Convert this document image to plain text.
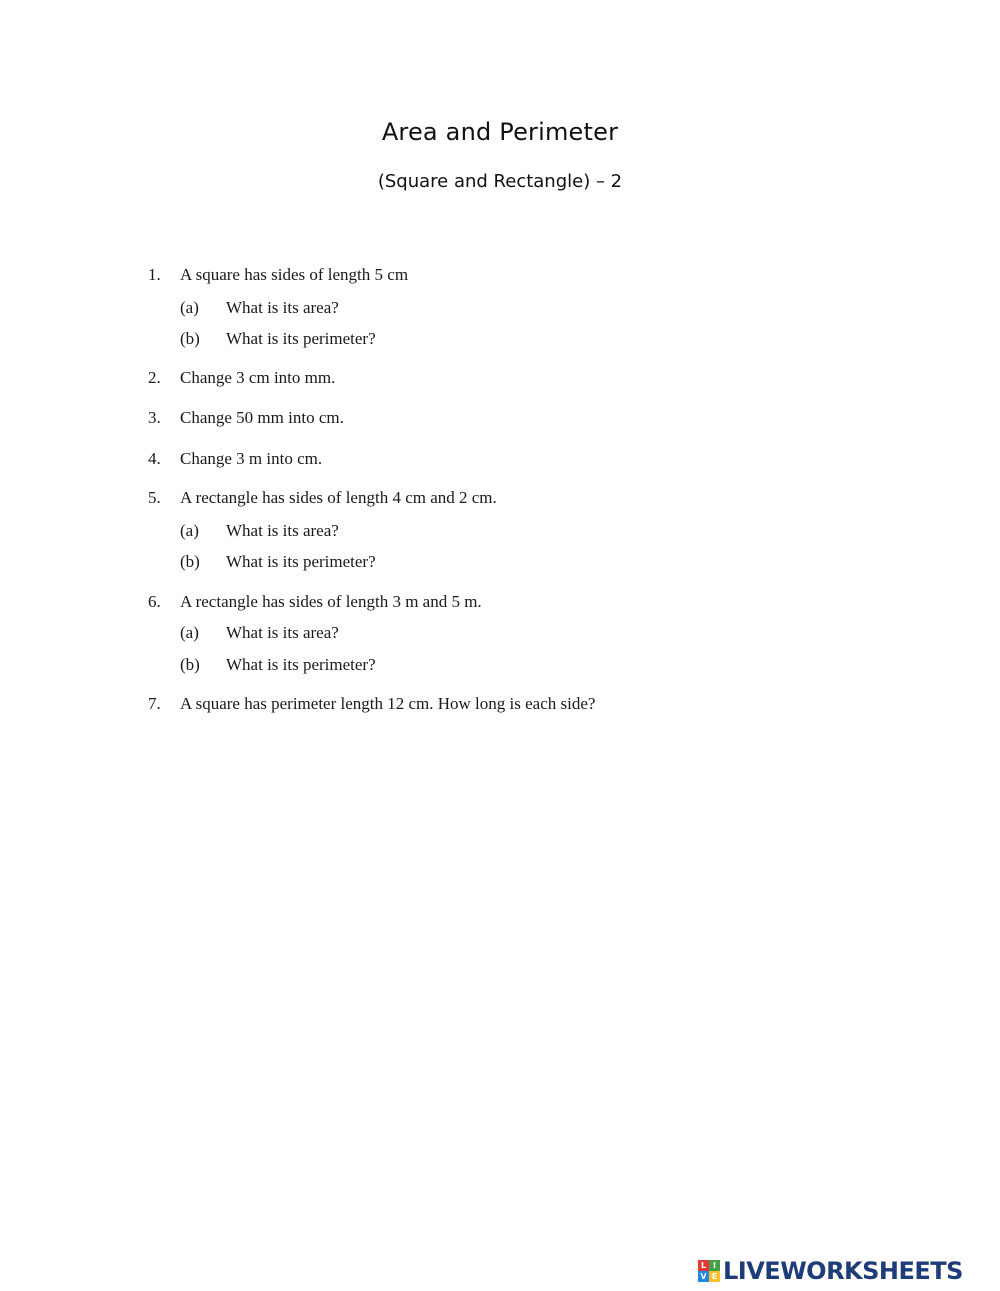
Area and Perimeter
(Square and Rectangle) – 2
1. A square has sides of length 5 cm
(a) What is its area?
(b) What is its perimeter?
2. Change 3 cm into mm.
3. Change 50 mm into cm.
4. Change 3 m into cm.
5. A rectangle has sides of length 4 cm and 2 cm.
(a) What is its area?
(b) What is its perimeter?
6. A rectangle has sides of length 3 m and 5 m.
(a) What is its area?
(b) What is its perimeter?
7. A square has perimeter length 12 cm. How long is each side?
L I
V E LIVEWORKSHEETS
